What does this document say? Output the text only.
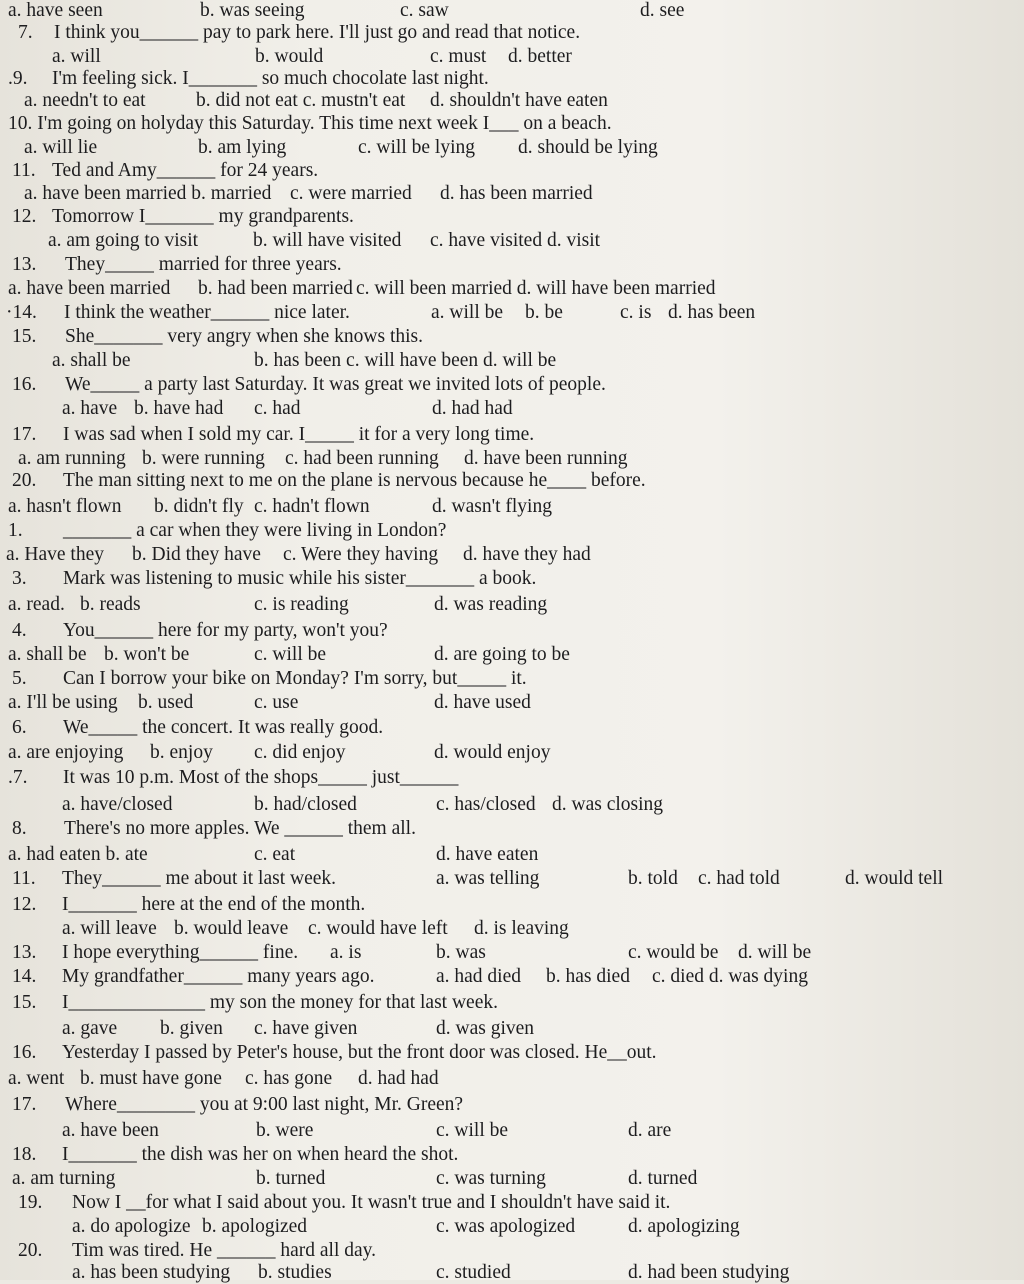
a. have seen	b. was seeing	c. saw	d. see
7. I think you______ pay to park here. I'll just go and read that notice.
a. will	b. would	c. must d. better
.9. I'm feeling sick. I_______ so much chocolate last night.
a. needn't to eat	b. did not eat c. mustn't eat d. shouldn't have eaten
10. I'm going on holyday this Saturday. This time next week I___ on a beach.
a. will lie	b. am lying	c. will be lying d. should be lying
11. Ted and Amy______ for 24 years.
a. have been married b. married c. were married d. has been married
12. Tomorrow I_______ my grandparents.
a. am going to visit	b. will have visited c. have visited d. visit
13. They_____ married for three years.
a. have been married b. had been married c. will been married d. will have been married
·14. I think the weather______ nice later.	a. will be b. be	c. is d. has been
15. She_______ very angry when she knows this.
a. shall be	b. has been c. will have been d. will be
16. We_____ a party last Saturday. It was great we invited lots of people.
a. have b. have had c. had	d. had had
17. I was sad when I sold my car. I_____ it for a very long time.
a. am running b. were running c. had been running d. have been running
20. The man sitting next to me on the plane is nervous because he____ before.
a. hasn't flown b. didn't fly c. hadn't flown	d. wasn't flying
1. _______ a car when they were living in London?
a. Have they b. Did they have c. Were they having d. have they had
3. Mark was listening to music while his sister_______ a book.
a. read. b. reads	c. is reading	d. was reading
4. You______ here for my party, won't you?
a. shall be b. won't be	c. will be	d. are going to be
5. Can I borrow your bike on Monday? I'm sorry, but_____ it.
a. I'll be using b. used	c. use	d. have used
6. We_____ the concert. It was really good.
a. are enjoying b. enjoy c. did enjoy	d. would enjoy
.7. It was 10 p.m. Most of the shops_____ just______
a. have/closed	b. had/closed	c. has/closed d. was closing
8. There's no more apples. We ______ them all.
a. had eaten b. ate	c. eat	d. have eaten
11. They______ me about it last week.	a. was telling	b. told c. had told	d. would tell
12. I_______ here at the end of the month.
a. will leave b. would leave c. would have left d. is leaving
13. I hope everything______ fine. a. is	b. was	c. would be d. will be
14. My grandfather______ many years ago.	a. had died b. has died c. died d. was dying
15. I______________ my son the money for that last week.
a. gave b. given c. have given	d. was given
16. Yesterday I passed by Peter's house, but the front door was closed. He__out.
a. went b. must have gone c. has gone d. had had
17. Where________ you at 9:00 last night, Mr. Green?
a. have been	b. were	c. will be	d. are
18. I_______ the dish was her on when heard the shot.
a. am turning	b. turned	c. was turning	d. turned
19. Now I __for what I said about you. It wasn't true and I shouldn't have said it.
a. do apologize b. apologized	c. was apologized	d. apologizing
20. Tim was tired. He ______ hard all day.
a. has been studying b. studies	c. studied	d. had been studying
